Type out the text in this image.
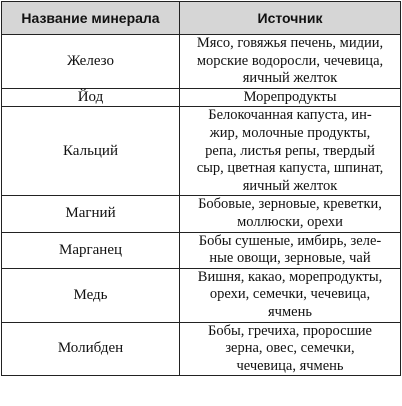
Название минерала	Источник
Железо	Мясо, говяжья печень, мидии,
морские водоросли, чечевица,
яичный желток

Йод	Морепродукты

Кальций	Белокочанная капуста, ин-
жир, молочные продукты,
репа, листья репы, твердый
сыр, цветная капуста, шпинат,
яичный желток

Магний	Бобовые, зерновые, креветки,
моллюски, орехи

Марганец	Бобы сушеные, имбирь, зеле-
ные овощи, зерновые, чай

Медь	Вишня, какао, морепродукты,
орехи, семечки, чечевица,
ячмень

Молибден	Бобы, гречиха, проросшие
зерна, овес, семечки,
чечевица, ячмень
